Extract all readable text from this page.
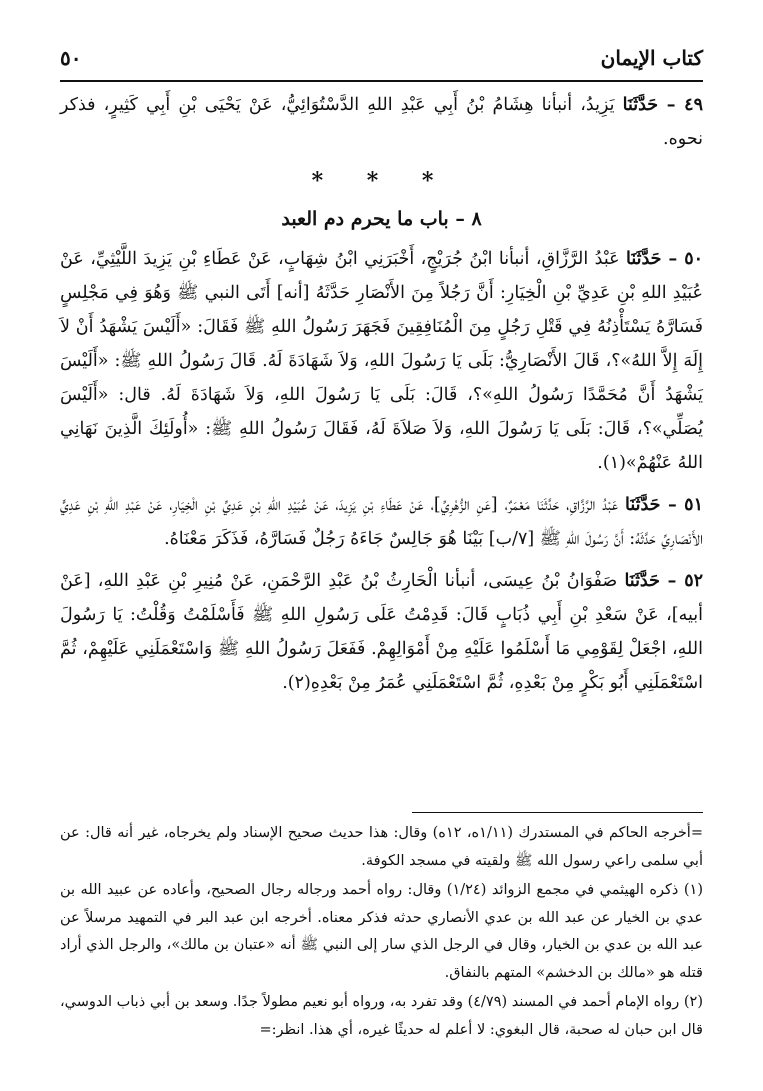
كتاب الإيمان
٥٠

٤٩ – حَدَّثَنَا يَزِيدُ، أنبأنا هِشَامُ بْنُ أَبِي عَبْدِ اللهِ الدَّسْتُوَائِيُّ، عَنْ يَحْيَى بْنِ أَبِي كَثِيرٍ، فذكر نحوه.

* * *
٨ – باب ما يحرم دم العبد

٥٠ – حَدَّثَنَا عَبْدُ الرَّزَّاقِ، أنبأنا ابْنُ جُرَيْجٍ، أَخْبَرَنِي ابْنُ شِهَابٍ، عَنْ عَطَاءِ بْنِ يَزِيدَ اللَّيْثِيِّ، عَنْ عُبَيْدِ اللهِ بْنِ عَدِيِّ بْنِ الْخِيَارِ: أَنَّ رَجُلاً مِنَ الأَنْصَارِ حَدَّثَهُ [أنه] أَتَى النبي ﷺ وَهُوَ فِي مَجْلِسٍ فَسَارَّهُ يَسْتَأْذِنُهُ فِي قَتْلِ رَجُلٍ مِنَ الْمُنَافِقِينَ فَجَهَرَ رَسُولُ اللهِ ﷺ فَقَالَ: «أَلَيْسَ يَشْهَدُ أَنْ لاَ إِلَهَ إِلاَّ اللهُ»؟، قَالَ الأَنْصَارِيُّ: بَلَى يَا رَسُولَ اللهِ، وَلاَ شَهَادَةَ لَهُ. قَالَ رَسُولُ اللهِ ﷺ: «أَلَيْسَ يَشْهَدُ أَنَّ مُحَمَّدًا رَسُولُ اللهِ»؟، قَالَ: بَلَى يَا رَسُولَ اللهِ، وَلاَ شَهَادَةَ لَهُ. قال: «أَلَيْسَ يُصَلِّي»؟، قَالَ: بَلَى يَا رَسُولَ اللهِ، وَلاَ صَلاَةَ لَهُ، فَقَالَ رَسُولُ اللهِ ﷺ: «أُولَئِكَ الَّذِينَ نَهَانِي اللهُ عَنْهُمْ»(١).

٥١ – حَدَّثَنَا عَبْدُ الرَّزَّاقِ، حَدَّثَنَا مَعْمَرٌ، [عَنِ الزُّهْرِيِّ]، عَنْ عَطَاءِ بْنِ يَزِيدَ، عَنْ عُبَيْدِ اللهِ بْنِ عَدِيِّ بْنِ الْخِيَارِ، عَنْ عَبْدِ اللهِ بْنِ عَدِيٍّ الأَنْصَارِيِّ حَدَّثَهُ: أَنَّ رَسُولَ اللهِ ﷺ [٧/ب] بَيْنَا هُوَ جَالِسٌ جَاءَهُ رَجُلٌ فَسَارَّهُ، فَذَكَرَ مَعْنَاهُ.

٥٢ – حَدَّثَنَا صَفْوَانُ بْنُ عِيسَى، أنبأنا الْحَارِثُ بْنُ عَبْدِ الرَّحْمَنِ، عَنْ مُنِيرِ بْنِ عَبْدِ اللهِ، [عَنْ أبيه]، عَنْ سَعْدِ بْنِ أَبِي ذُبَابٍ قَالَ: قَدِمْتُ عَلَى رَسُولِ اللهِ ﷺ فَأَسْلَمْتُ وَقُلْتُ: يَا رَسُولَ اللهِ، اجْعَلْ لِقَوْمِي مَا أَسْلَمُوا عَلَيْهِ مِنْ أَمْوَالِهِمْ. فَفَعَلَ رَسُولُ اللهِ ﷺ وَاسْتَعْمَلَنِي عَلَيْهِمْ، ثُمَّ اسْتَعْمَلَنِي أَبُو بَكْرٍ مِنْ بَعْدِهِ، ثُمَّ اسْتَعْمَلَنِي عُمَرُ مِنْ بَعْدِهِ(٢).

=أخرجه الحاكم في المستدرك (١/١١ه، ١٢ه) وقال: هذا حديث صحيح الإسناد ولم يخرجاه، غير أنه قال: عن أبي سلمى راعي رسول الله ﷺ ولقيته في مسجد الكوفة.

(١) ذكره الهيثمي في مجمع الزوائد (١/٢٤) وقال: رواه أحمد ورجاله رجال الصحيح، وأعاده عن عبيد الله بن عدي بن الخيار عن عبد الله بن عدي الأنصاري حدثه فذكر معناه. أخرجه ابن عبد البر في التمهيد مرسلاً عن عبد الله بن عدي بن الخيار، وقال في الرجل الذي سار إلى النبي ﷺ أنه «عتبان بن مالك»، والرجل الذي أراد قتله هو «مالك بن الدخشم» المتهم بالنفاق.

(٢) رواه الإمام أحمد في المسند (٤/٧٩) وقد تفرد به، ورواه أبو نعيم مطولاً جدًا. وسعد بن أبي ذباب الدوسي، قال ابن حبان له صحبة، قال البغوي: لا أعلم له حديثًا غيره، أي هذا. انظر:=
